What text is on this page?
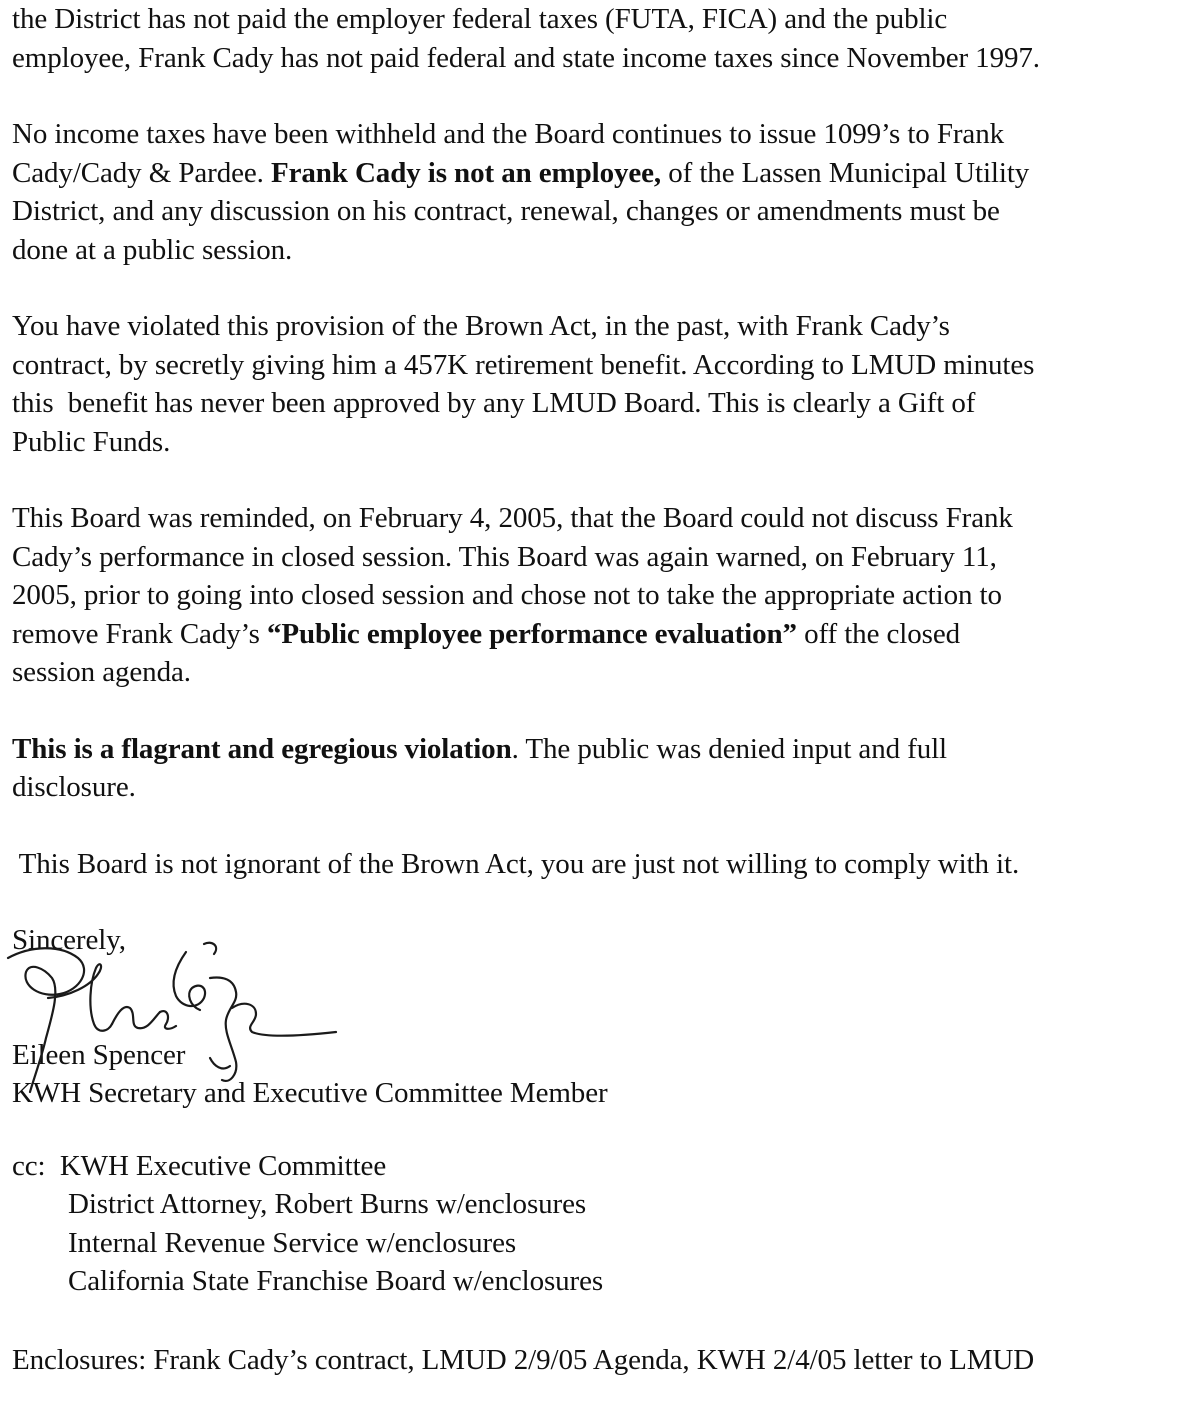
the District has not paid the employer federal taxes (FUTA, FICA) and the public
employee, Frank Cady has not paid federal and state income taxes since November 1997.

No income taxes have been withheld and the Board continues to issue 1099’s to Frank
Cady/Cady & Pardee. Frank Cady is not an employee, of the Lassen Municipal Utility
District, and any discussion on his contract, renewal, changes or amendments must be
done at a public session.

You have violated this provision of the Brown Act, in the past, with Frank Cady’s
contract, by secretly giving him a 457K retirement benefit. According to LMUD minutes
this  benefit has never been approved by any LMUD Board. This is clearly a Gift of
Public Funds.

This Board was reminded, on February 4, 2005, that the Board could not discuss Frank
Cady’s performance in closed session. This Board was again warned, on February 11,
2005, prior to going into closed session and chose not to take the appropriate action to
remove Frank Cady’s “Public employee performance evaluation” off the closed
session agenda.

This is a flagrant and egregious violation. The public was denied input and full
disclosure.

This Board is not ignorant of the Brown Act, you are just not willing to comply with it.

Sincerely,
Eileen Spencer
KWH Secretary and Executive Committee Member
cc: KWH Executive Committee
District Attorney, Robert Burns w/enclosures
Internal Revenue Service w/enclosures
California State Franchise Board w/enclosures
Enclosures: Frank Cady’s contract, LMUD 2/9/05 Agenda, KWH 2/4/05 letter to LMUD
